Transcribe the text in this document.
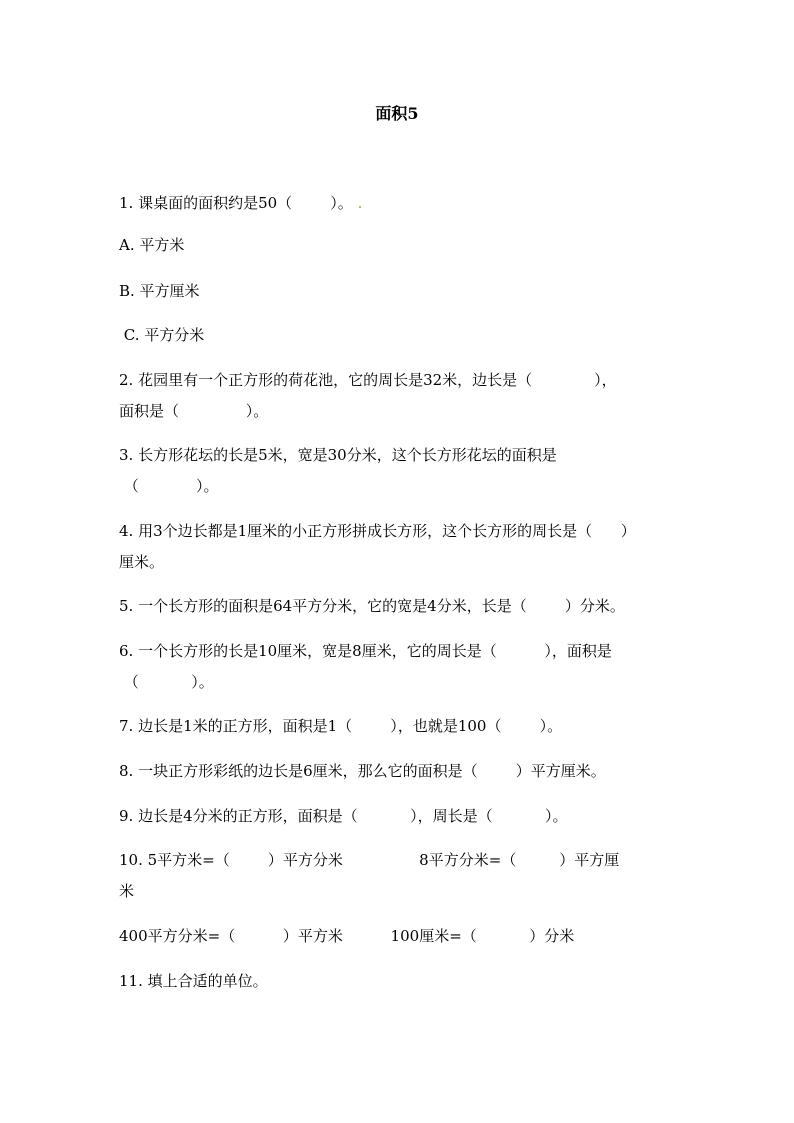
面积5
1. 课桌面的面积约是50（        ）。 .
A. 平方米
B. 平方厘米
C. 平方分米
2. 花园里有一个正方形的荷花池，它的周长是32米，边长是（             ），
面积是（              ）。
3. 长方形花坛的长是5米，宽是30分米，这个长方形花坛的面积是
（            ）。
4. 用3个边长都是1厘米的小正方形拼成长方形，这个长方形的周长是（      ）
厘米。
5. 一个长方形的面积是64平方分米，它的宽是4分米，长是（        ）分米。
6. 一个长方形的长是10厘米，宽是8厘米，它的周长是（          ），面积是
（           ）。
7. 边长是1米的正方形，面积是1（        ），也就是100（        ）。
8. 一块正方形彩纸的边长是6厘米，那么它的面积是（        ）平方厘米。
9. 边长是4分米的正方形，面积是（           ），周长是（           ）。
10. 5平方米=（        ）平方分米                8平方分米=（         ）平方厘
米
400平方分米=（          ）平方米          100厘米=（           ）分米
11. 填上合适的单位。
